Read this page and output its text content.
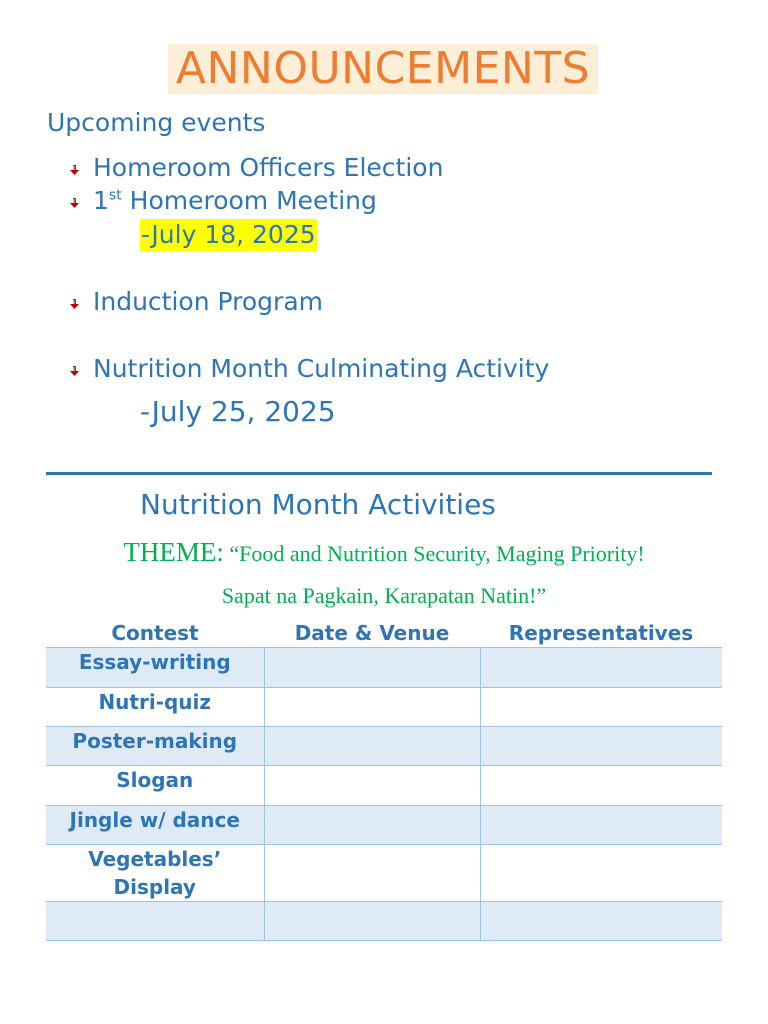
ANNOUNCEMENTS
Upcoming events
Homeroom Officers Election
1st Homeroom Meeting
-July 18, 2025
Induction Program
Nutrition Month Culminating Activity
-July 25, 2025
Nutrition Month Activities
THEME: “Food and Nutrition Security, Maging Priority!
Sapat na Pagkain, Karapatan Natin!”
Contest	Date & Venue	Representatives
Essay-writing		
Nutri-quiz		
Poster-making		
Slogan		
Jingle w/ dance		
Vegetables’ Display		
